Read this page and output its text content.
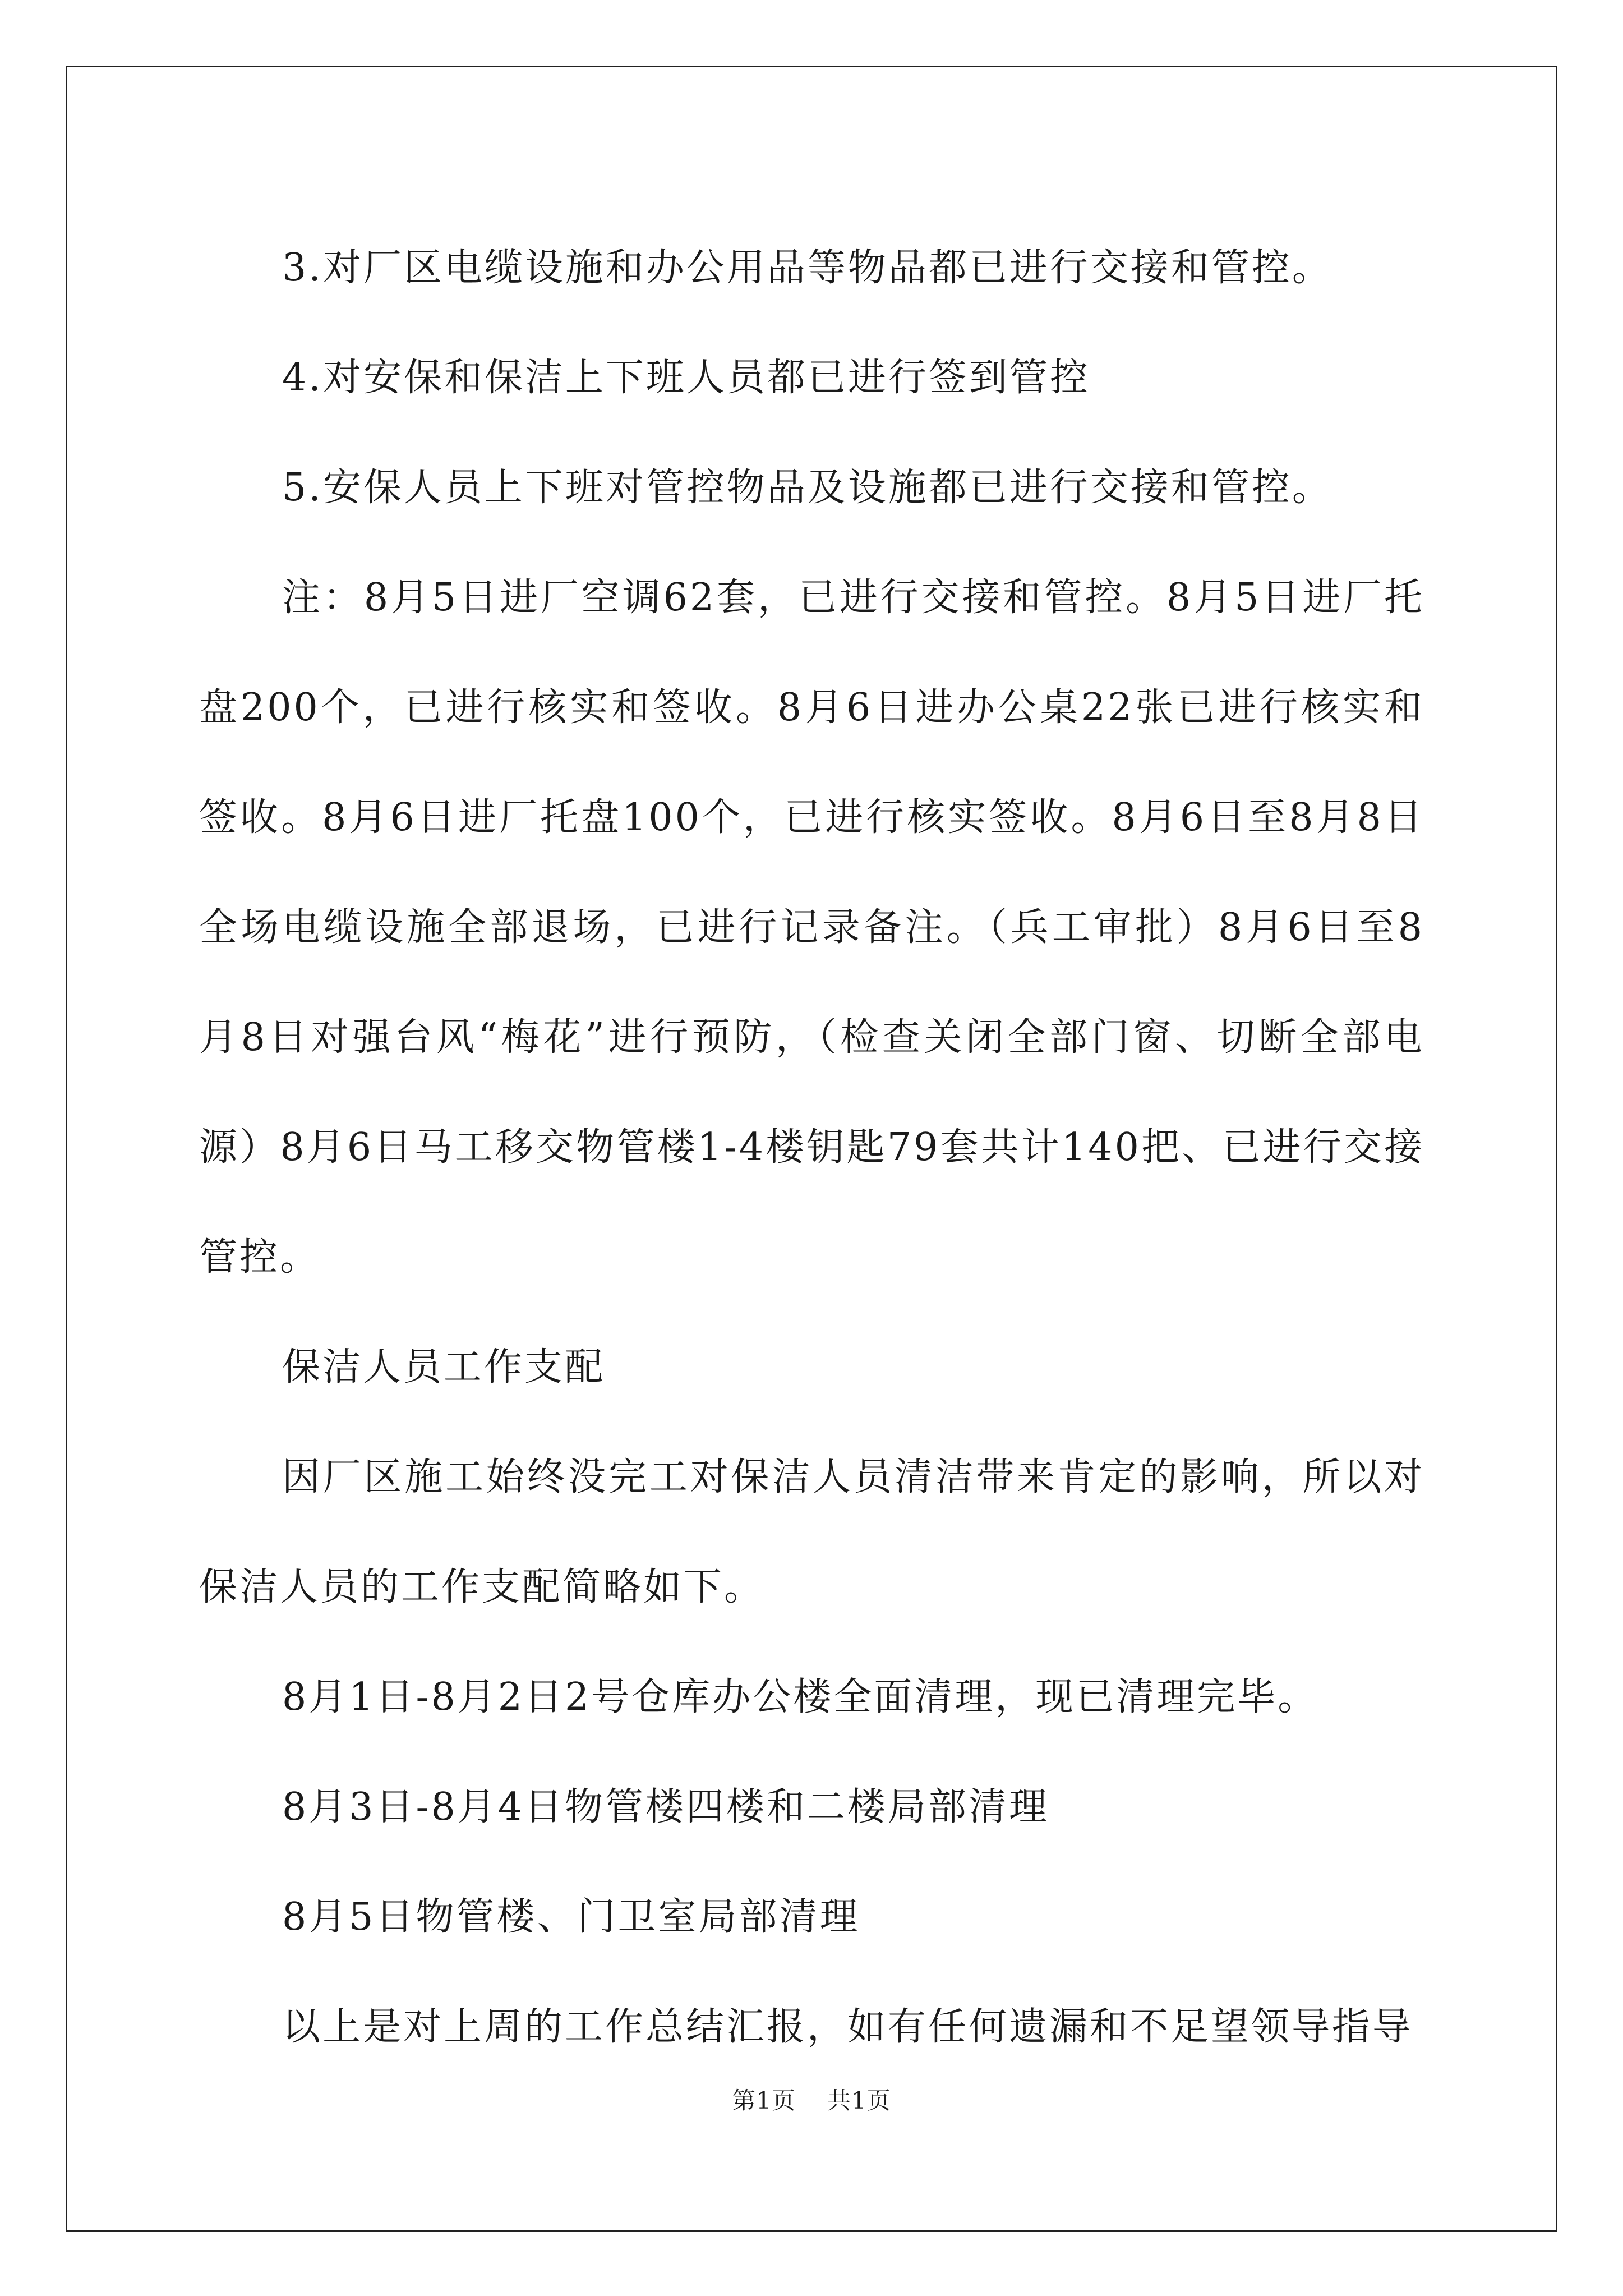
3.对厂区电缆设施和办公用品等物品都已进行交接和管控。

4.对安保和保洁上下班人员都已进行签到管控

5.安保人员上下班对管控物品及设施都已进行交接和管控。

注：8月5日进厂空调62套，已进行交接和管控。8月5日进厂托盘200个，已进行核实和签收。8月6日进办公桌22张已进行核实和签收。8月6日进厂托盘100个，已进行核实签收。8月6日至8月8日全场电缆设施全部退场，已进行记录备注。（兵工审批）8月6日至8月8日对强台风“梅花”进行预防，（检查关闭全部门窗、切断全部电源）8月6日马工移交物管楼1-4楼钥匙79套共计140把、已进行交接管控。

保洁人员工作支配

因厂区施工始终没完工对保洁人员清洁带来肯定的影响，所以对保洁人员的工作支配简略如下。

8月1日-8月2日2号仓库办公楼全面清理，现已清理完毕。

8月3日-8月4日物管楼四楼和二楼局部清理

8月5日物管楼、门卫室局部清理

以上是对上周的工作总结汇报，如有任何遗漏和不足望领导指导

第1页 共1页
